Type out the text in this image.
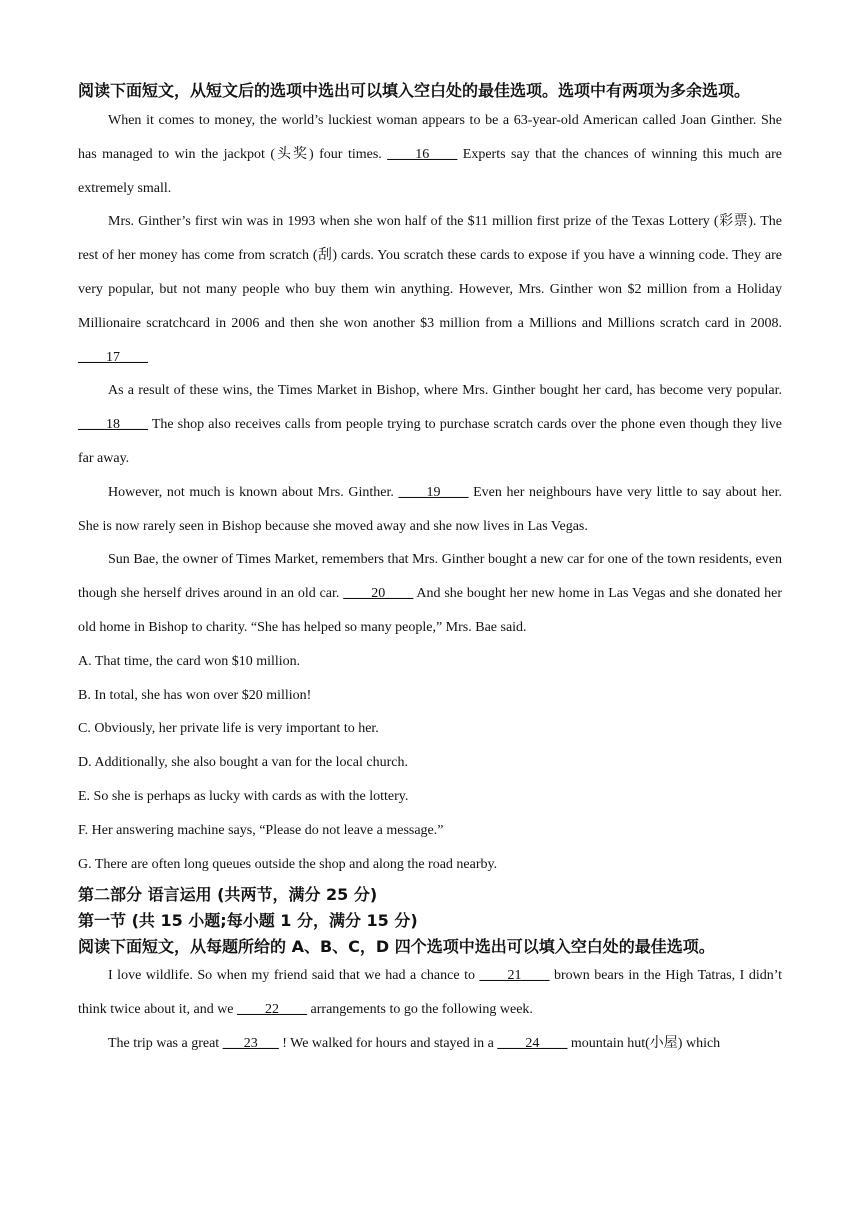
阅读下面短文，从短文后的选项中选出可以填入空白处的最佳选项。选项中有两项为多余选项。

When it comes to money, the world’s luckiest woman appears to be a 63-year-old American called Joan Ginther. She has managed to win the jackpot (头奖) four times. ____16____ Experts say that the chances of winning this much are extremely small.

Mrs. Ginther’s first win was in 1993 when she won half of the $11 million first prize of the Texas Lottery (彩票). The rest of her money has come from scratch (刮) cards. You scratch these cards to expose if you have a winning code. They are very popular, but not many people who buy them win anything. However, Mrs. Ginther won $2 million from a Holiday Millionaire scratchcard in 2006 and then she won another $3 million from a Millions and Millions scratch card in 2008. ____17____

As a result of these wins, the Times Market in Bishop, where Mrs. Ginther bought her card, has become very popular. ____18____ The shop also receives calls from people trying to purchase scratch cards over the phone even though they live far away.

However, not much is known about Mrs. Ginther. ____19____ Even her neighbours have very little to say about her. She is now rarely seen in Bishop because she moved away and she now lives in Las Vegas.

Sun Bae, the owner of Times Market, remembers that Mrs. Ginther bought a new car for one of the town residents, even though she herself drives around in an old car. ____20____ And she bought her new home in Las Vegas and she donated her old home in Bishop to charity. “She has helped so many people,” Mrs. Bae said.

A. That time, the card won $10 million.

B. In total, she has won over $20 million!

C. Obviously, her private life is very important to her.

D. Additionally, she also bought a van for the local church.

E. So she is perhaps as lucky with cards as with the lottery.

F. Her answering machine says, “Please do not leave a message.”

G. There are often long queues outside the shop and along the road nearby.

第二部分 语言运用 (共两节，满分 25 分)

第一节 (共 15 小题;每小题 1 分，满分 15 分)

阅读下面短文，从每题所给的 A、B、C，D 四个选项中选出可以填入空白处的最佳选项。

I love wildlife. So when my friend said that we had a chance to ____21____ brown bears in the High Tatras, I didn’t think twice about it, and we ____22____ arrangements to go the following week.

The trip was a great ___23___ ! We walked for hours and stayed in a ____24____ mountain hut(小屋) which
